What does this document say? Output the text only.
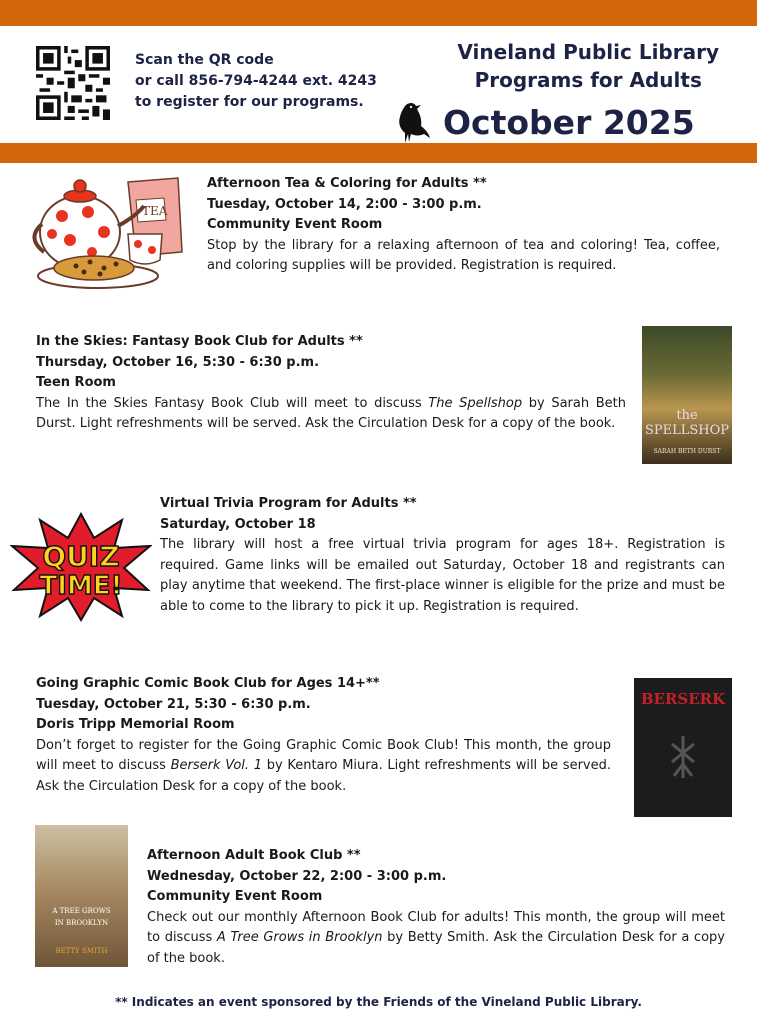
Scan the QR code
or call 856-794-4244 ext. 4243
to register for our programs.
Vineland Public Library
Programs for Adults
October 2025
TEA
Afternoon Tea & Coloring for Adults **
Tuesday, October 14, 2:00 - 3:00 p.m.
Community Event Room
Stop by the library for a relaxing afternoon of tea and coloring! Tea, coffee, and coloring supplies will be provided. Registration is required.
In the Skies: Fantasy Book Club for Adults **
Thursday, October 16, 5:30 - 6:30 p.m.
Teen Room
The In the Skies Fantasy Book Club will meet to discuss The Spellshop by Sarah Beth Durst. Light refreshments will be served. Ask the Circulation Desk for a copy of the book.
the SPELLSHOP
SARAH BETH DURST
QUIZ
TIME!
Virtual Trivia Program for Adults **
Saturday, October 18
The library will host a free virtual trivia program for ages 18+. Registration is required. Game links will be emailed out Saturday, October 18 and registrants can play anytime that weekend. The first-place winner is eligible for the prize and must be able to come to the library to pick it up. Registration is required.
Going Graphic Comic Book Club for Ages 14+**
Tuesday, October 21, 5:30 - 6:30 p.m.
Doris Tripp Memorial Room
Don’t forget to register for the Going Graphic Comic Book Club! This month, the group will meet to discuss Berserk Vol. 1 by Kentaro Miura. Light refreshments will be served. Ask the Circulation Desk for a copy of the book.
BERSERK
A TREE GROWS
IN BROOKLYN
BETTY SMITH
Afternoon Adult Book Club **
Wednesday, October 22, 2:00 - 3:00 p.m.
Community Event Room
Check out our monthly Afternoon Book Club for adults! This month, the group will meet to discuss A Tree Grows in Brooklyn by Betty Smith. Ask the Circulation Desk for a copy of the book.
** Indicates an event sponsored by the Friends of the Vineland Public Library.
